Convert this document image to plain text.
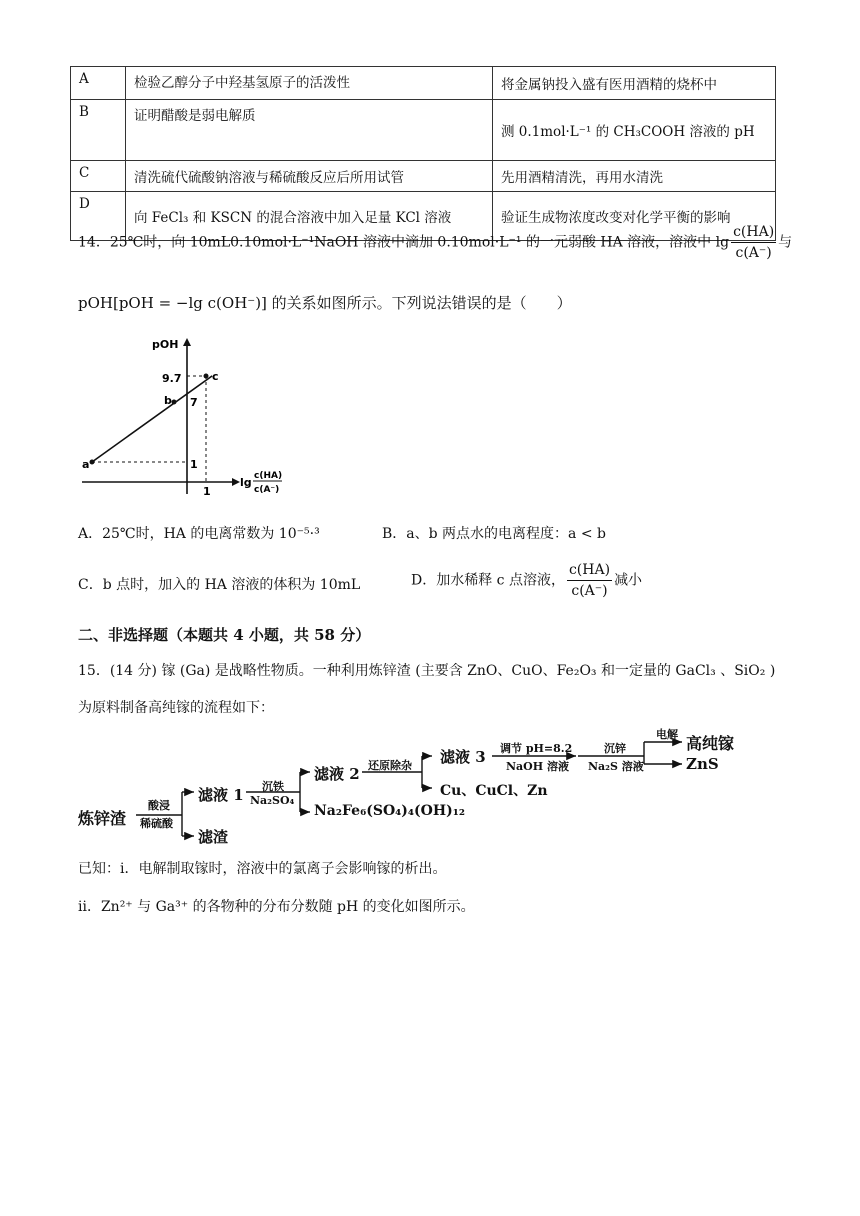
A	检验乙醇分子中羟基氢原子的活泼性	将金属钠投入盛有医用酒精的烧杯中
B	证明醋酸是弱电解质	测 0.1mol·L⁻¹ 的 CH₃COOH 溶液的 pH
C	清洗硫代硫酸钠溶液与稀硫酸反应后所用试管	先用酒精清洗，再用水清洗
D	向 FeCl₃ 和 KSCN 的混合溶液中加入足量 KCl 溶液	验证生成物浓度改变对化学平衡的影响
14．25℃时，向 10mL0.10mol·L⁻¹NaOH 溶液中滴加 0.10mol·L⁻¹ 的一元弱酸 HA 溶液，溶液中 $\lg \frac{c(HA)}{c(A^-)}$ 与
pOH[pOH = −lg c(OH⁻)] 的关系如图所示。下列说法错误的是（　　）
pOH
9.7
7
1
1
a
b
c
lg c(HA)
c(A⁻)
A．25℃时，HA 的电离常数为 10⁻⁵·³	B．a、b 两点水的电离程度：a < b
C．b 点时，加入的 HA 溶液的体积为 10mL	D．加水稀释 c 点溶液， $\frac{c(HA)}{c(A^-)}$ 减小
二、非选择题（本题共 4 小题，共 58 分）
15．(14 分) 镓 (Ga) 是战略性物质。一种利用炼锌渣 (主要含 ZnO、CuO、Fe₂O₃ 和一定量的 GaCl₃ 、SiO₂ )
为原料制备高纯镓的流程如下：
炼锌渣
酸浸
稀硫酸
滤液 1
滤渣
沉铁
Na₂SO₄
滤液 2
Na₂Fe₆(SO₄)₄(OH)₁₂
还原除杂 滤液 3
Cu、CuCl、Zn
调节 pH=8.2
NaOH 溶液
沉锌
Na₂S 溶液
电解 高纯镓
ZnS
已知：ⅰ．电解制取镓时，溶液中的氯离子会影响镓的析出。
ⅱ．Zn²⁺ 与 Ga³⁺ 的各物种的分布分数随 pH 的变化如图所示。
